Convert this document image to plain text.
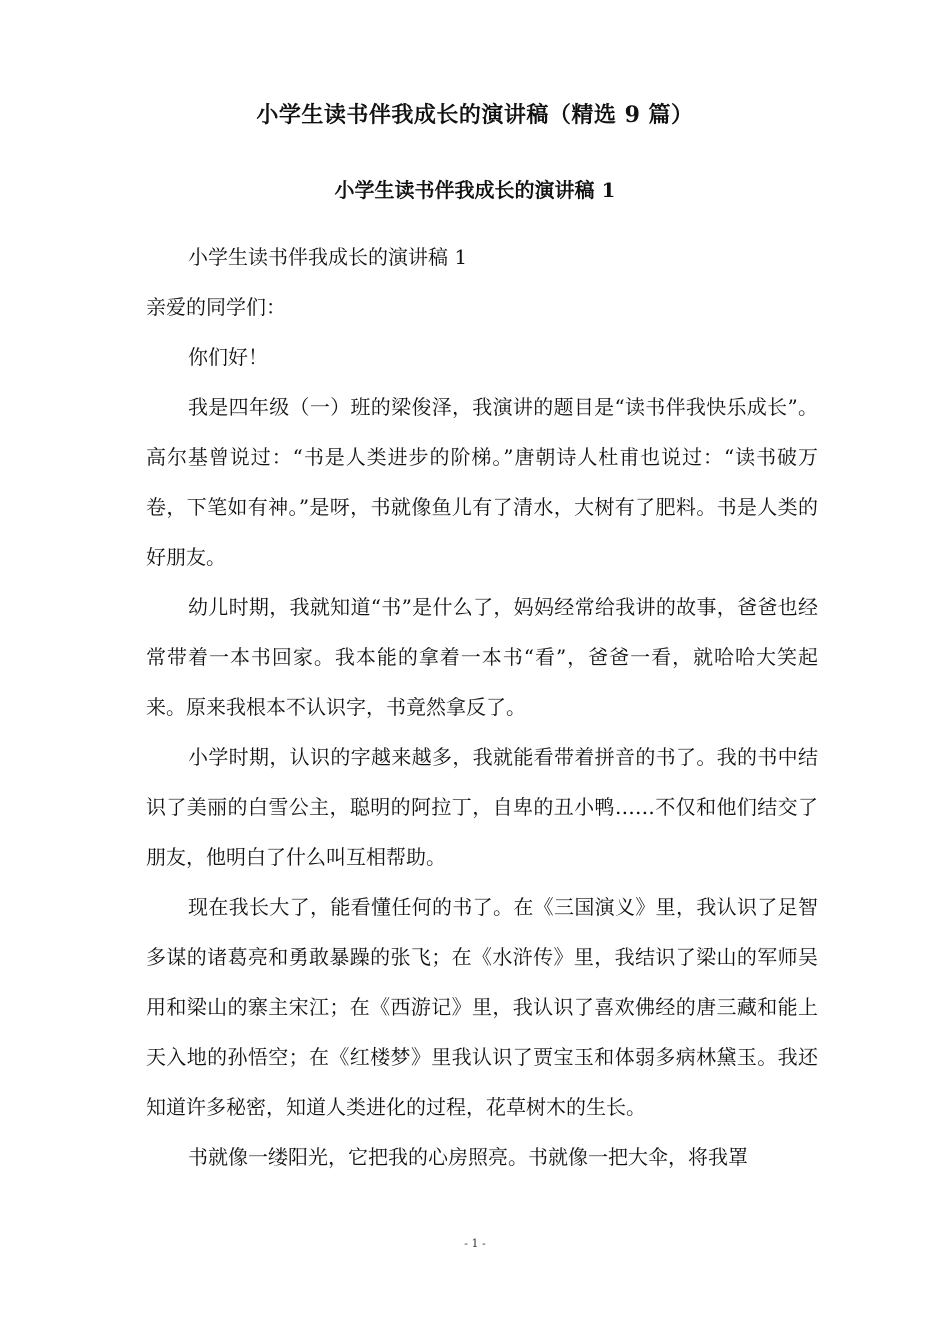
小学生读书伴我成长的演讲稿（精选 9 篇）
小学生读书伴我成长的演讲稿 1

小学生读书伴我成长的演讲稿 1

亲爱的同学们：

你们好！

我是四年级（一）班的梁俊泽，我演讲的题目是“读书伴我快乐成长”。高尔基曾说过：“书是人类进步的阶梯。”唐朝诗人杜甫也说过：“读书破万卷，下笔如有神。”是呀，书就像鱼儿有了清水，大树有了肥料。书是人类的好朋友。

幼儿时期，我就知道“书”是什么了，妈妈经常给我讲的故事，爸爸也经常带着一本书回家。我本能的拿着一本书“看”，爸爸一看，就哈哈大笑起来。原来我根本不认识字，书竟然拿反了。

小学时期，认识的字越来越多，我就能看带着拼音的书了。我的书中结识了美丽的白雪公主，聪明的阿拉丁，自卑的丑小鸭……不仅和他们结交了朋友，他明白了什么叫互相帮助。

现在我长大了，能看懂任何的书了。在《三国演义》里，我认识了足智多谋的诸葛亮和勇敢暴躁的张飞；在《水浒传》里，我结识了梁山的军师吴用和梁山的寨主宋江；在《西游记》里，我认识了喜欢佛经的唐三藏和能上天入地的孙悟空；在《红楼梦》里我认识了贾宝玉和体弱多病林黛玉。我还知道许多秘密，知道人类进化的过程，花草树木的生长。

书就像一缕阳光，它把我的心房照亮。书就像一把大伞，将我罩

- 1 -
